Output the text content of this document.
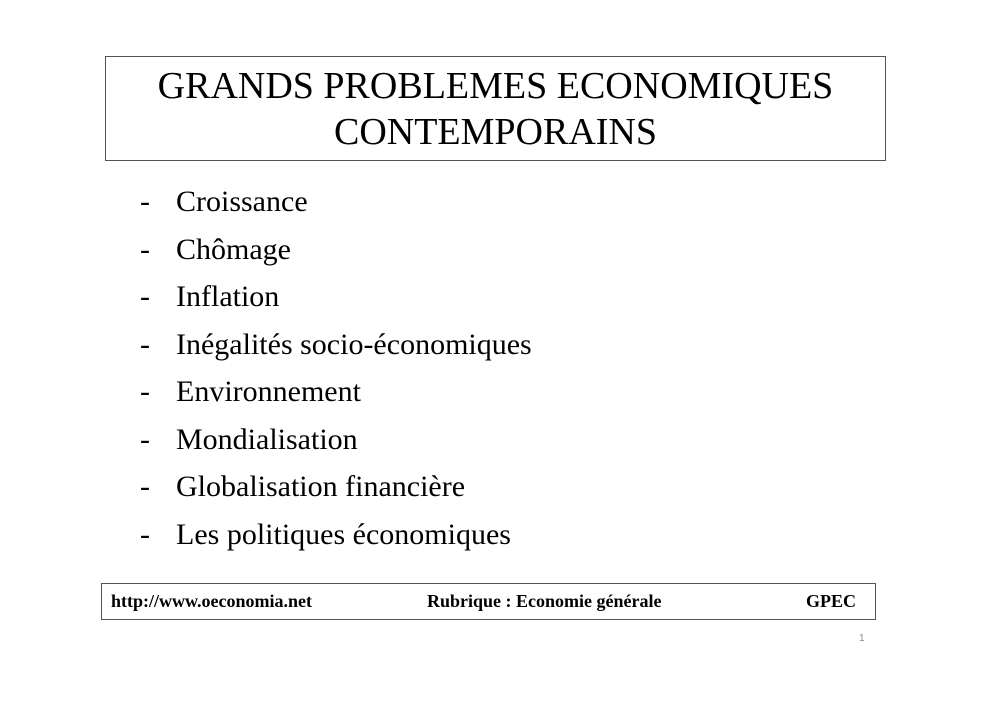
GRANDS PROBLEMES ECONOMIQUES
CONTEMPORAINS
- Croissance
- Chômage
- Inflation
- Inégalités socio-économiques
- Environnement
- Mondialisation
- Globalisation financière
- Les politiques économiques
http://www.oeconomia.net	Rubrique : Economie générale	GPEC
1
